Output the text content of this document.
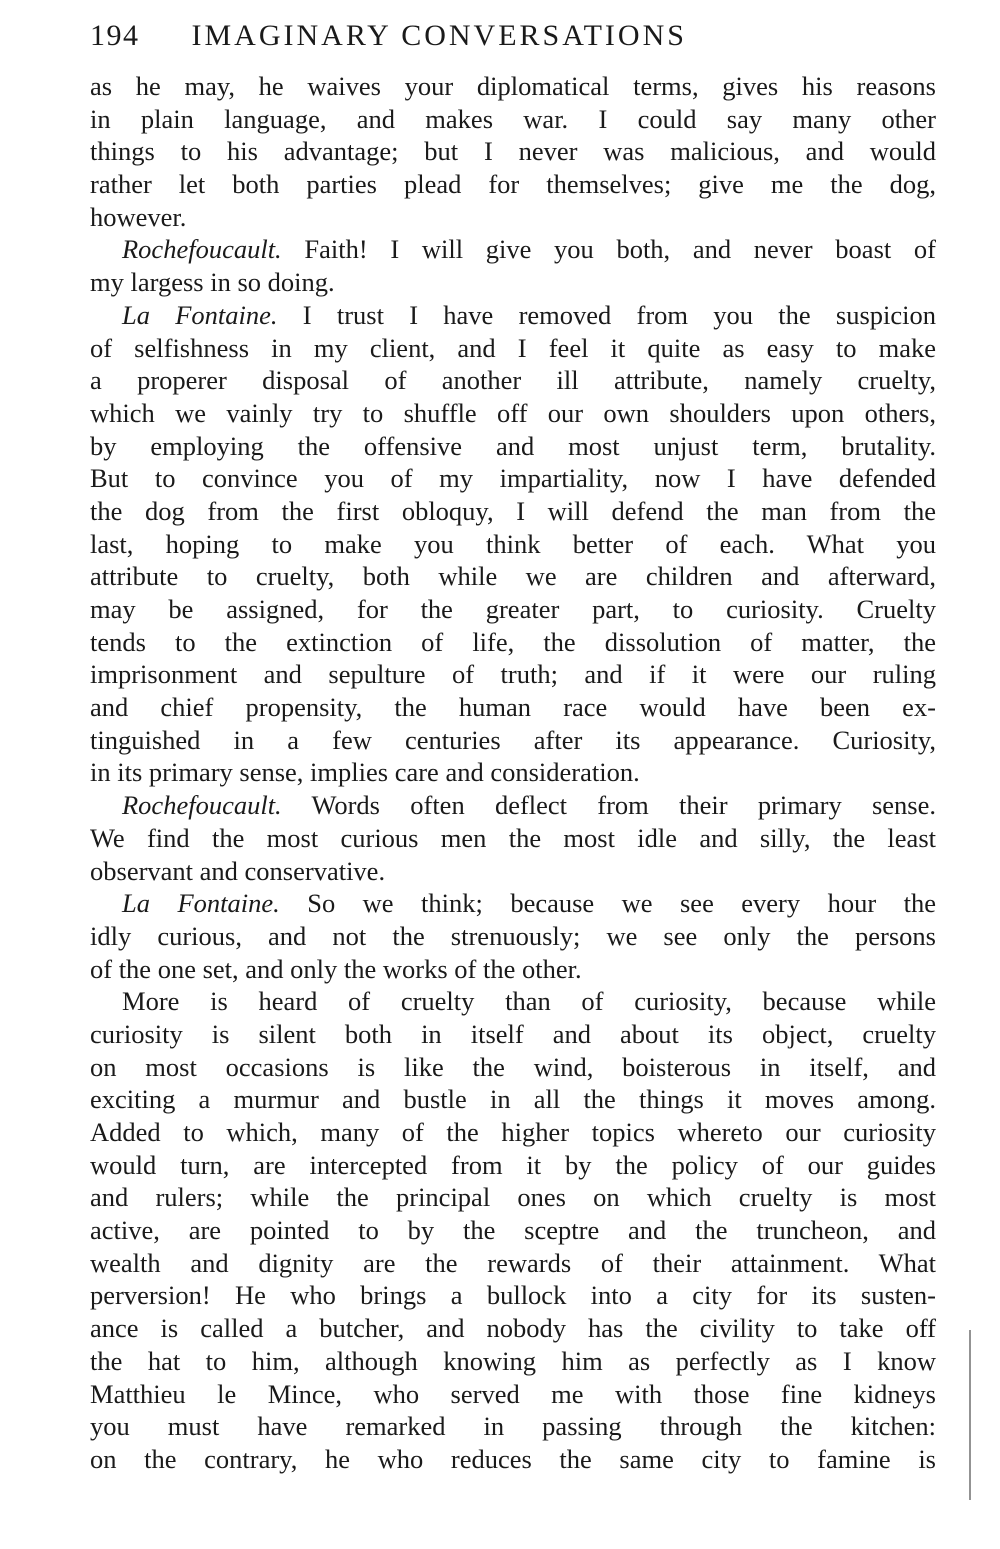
194 IMAGINARY CONVERSATIONS
as he may, he waives your diplomatical terms, gives his reasons
in plain language, and makes war. I could say many other
things to his advantage; but I never was malicious, and would
rather let both parties plead for themselves; give me the dog,
however.
Rochefoucault. Faith! I will give you both, and never boast of
my largess in so doing.
La Fontaine. I trust I have removed from you the suspicion
of selfishness in my client, and I feel it quite as easy to make
a properer disposal of another ill attribute, namely cruelty,
which we vainly try to shuffle off our own shoulders upon others,
by employing the offensive and most unjust term, brutality.
But to convince you of my impartiality, now I have defended
the dog from the first obloquy, I will defend the man from the
last, hoping to make you think better of each. What you
attribute to cruelty, both while we are children and afterward,
may be assigned, for the greater part, to curiosity. Cruelty
tends to the extinction of life, the dissolution of matter, the
imprisonment and sepulture of truth; and if it were our ruling
and chief propensity, the human race would have been ex-
tinguished in a few centuries after its appearance. Curiosity,
in its primary sense, implies care and consideration.
Rochefoucault. Words often deflect from their primary sense.
We find the most curious men the most idle and silly, the least
observant and conservative.
La Fontaine. So we think; because we see every hour the
idly curious, and not the strenuously; we see only the persons
of the one set, and only the works of the other.
More is heard of cruelty than of curiosity, because while
curiosity is silent both in itself and about its object, cruelty
on most occasions is like the wind, boisterous in itself, and
exciting a murmur and bustle in all the things it moves among.
Added to which, many of the higher topics whereto our curiosity
would turn, are intercepted from it by the policy of our guides
and rulers; while the principal ones on which cruelty is most
active, are pointed to by the sceptre and the truncheon, and
wealth and dignity are the rewards of their attainment. What
perversion! He who brings a bullock into a city for its susten-
ance is called a butcher, and nobody has the civility to take off
the hat to him, although knowing him as perfectly as I know
Matthieu le Mince, who served me with those fine kidneys
you must have remarked in passing through the kitchen:
on the contrary, he who reduces the same city to famine is
